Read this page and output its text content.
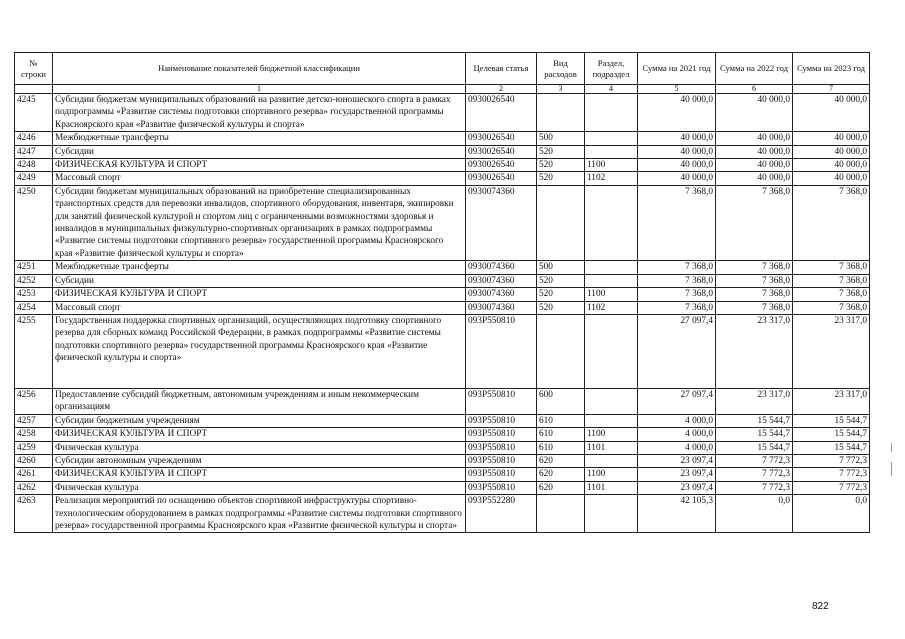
№ строки	Наименование показателей бюджетной классификации	Целевая статья	Вид расходов	Раздел, подраздел	Сумма на 2021 год	Сумма на 2022 год	Сумма на 2023 год
	1	2	3	4	5	6	7
4245	Субсидии бюджетам муниципальных образований на развитие детско-юношеского спорта в рамках подпрограммы «Развитие системы подготовки спортивного резерва» государственной программы Красноярского края «Развитие физической культуры и спорта»	0930026540			40 000,0	40 000,0	40 000,0
4246	Межбюджетные трансферты	0930026540	500		40 000,0	40 000,0	40 000,0
4247	Субсидии	0930026540	520		40 000,0	40 000,0	40 000,0
4248	ФИЗИЧЕСКАЯ КУЛЬТУРА И СПОРТ	0930026540	520	1100	40 000,0	40 000,0	40 000,0
4249	Массовый спорт	0930026540	520	1102	40 000,0	40 000,0	40 000,0
4250	Субсидии бюджетам муниципальных образований на приобретение специализированных транспортных средств для перевозки инвалидов, спортивного оборудования, инвентаря, экипировки для занятий физической культурой и спортом лиц с ограниченными возможностями здоровья и инвалидов в муниципальных физкультурно-спортивных организациях в рамках подпрограммы «Развитие системы подготовки спортивного резерва» государственной программы Красноярского края «Развитие физической культуры и спорта»	0930074360			7 368,0	7 368,0	7 368,0
4251	Межбюджетные трансферты	0930074360	500		7 368,0	7 368,0	7 368,0
4252	Субсидии	0930074360	520		7 368,0	7 368,0	7 368,0
4253	ФИЗИЧЕСКАЯ КУЛЬТУРА И СПОРТ	0930074360	520	1100	7 368,0	7 368,0	7 368,0
4254	Массовый спорт	0930074360	520	1102	7 368,0	7 368,0	7 368,0
4255	Государственная поддержка спортивных организаций, осуществляющих подготовку спортивного резерва для сборных команд Российской Федерации, в рамках подпрограммы «Развитие системы подготовки спортивного резерва» государственной программы Красноярского края «Развитие физической культуры и спорта»	093Р550810			27 097,4	23 317,0	23 317,0
4256	Предоставление субсидий бюджетным, автономным учреждениям и иным некоммерческим организациям	093Р550810	600		27 097,4	23 317,0	23 317,0
4257	Субсидии бюджетным учреждениям	093Р550810	610		4 000,0	15 544,7	15 544,7
4258	ФИЗИЧЕСКАЯ КУЛЬТУРА И СПОРТ	093Р550810	610	1100	4 000,0	15 544,7	15 544,7
4259	Физическая культура	093Р550810	610	1101	4 000,0	15 544,7	15 544,7
4260	Субсидии автономным учреждениям	093Р550810	620		23 097,4	7 772,3	7 772,3
4261	ФИЗИЧЕСКАЯ КУЛЬТУРА И СПОРТ	093Р550810	620	1100	23 097,4	7 772,3	7 772,3
4262	Физическая культура	093Р550810	620	1101	23 097,4	7 772,3	7 772,3
4263	Реализация мероприятий по оснащению объектов спортивной инфраструктуры спортивно-технологическим оборудованием в рамках подпрограммы «Развитие системы подготовки спортивного резерва» государственной программы Красноярского края «Развитие физической культуры и спорта»	093Р552280			42 105,3	0,0	0,0
822
